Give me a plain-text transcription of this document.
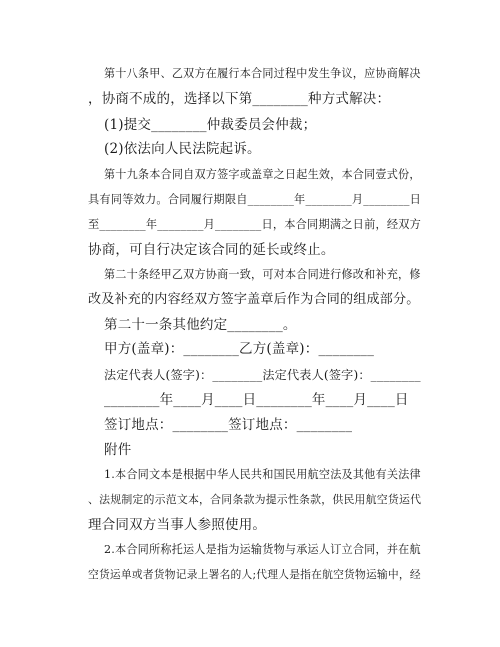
第十八条甲、乙双方在履行本合同过程中发生争议，应协商解决
，协商不成的，选择以下第________种方式解决：
(1)提交________仲裁委员会仲裁；
(2)依法向人民法院起诉。
第十九条本合同自双方签字或盖章之日起生效，本合同壹式份，
具有同等效力。合同履行期限自________年________月________日
至________年________月________日，本合同期满之日前，经双方
协商，可自行决定该合同的延长或终止。
第二十条经甲乙双方协商一致，可对本合同进行修改和补充，修
改及补充的内容经双方签字盖章后作为合同的组成部分。
第二十一条其他约定________。
甲方(盖章)：________乙方(盖章)：________
法定代表人(签字)：________法定代表人(签字)：________
________年____月____日________年____月____日
签订地点：________签订地点：________
附件
1.本合同文本是根据中华人民共和国民用航空法及其他有关法律
、法规制定的示范文本，合同条款为提示性条款，供民用航空货运代
理合同双方当事人参照使用。
2.本合同所称托运人是指为运输货物与承运人订立合同，并在航
空货运单或者货物记录上署名的人;代理人是指在航空货物运输中，经
